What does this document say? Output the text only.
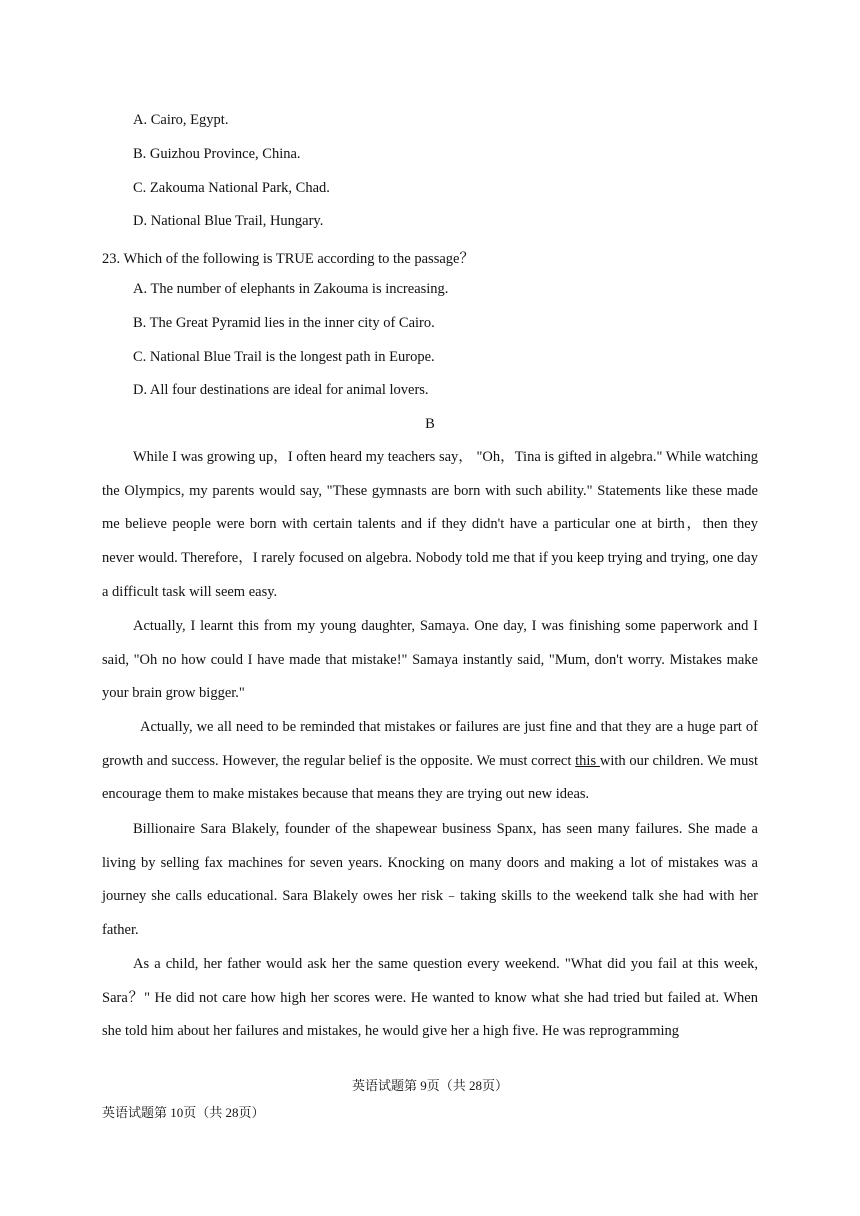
A. Cairo, Egypt.
B. Guizhou Province, China.
C. Zakouma National Park, Chad.
D. National Blue Trail, Hungary.
23. Which of the following is TRUE according to the passage？
A. The number of elephants in Zakouma is increasing.
B. The Great Pyramid lies in the inner city of Cairo.
C. National Blue Trail is the longest path in Europe.
D. All four destinations are ideal for animal lovers.
B
While I was growing up，I often heard my teachers say， "Oh，Tina is gifted in algebra." While watching the Olympics, my parents would say, "These gymnasts are born with such ability." Statements like these made me believe people were born with certain talents and if they didn't have a particular one at birth，then they never would. Therefore，I rarely focused on algebra. Nobody told me that if you keep trying and trying, one day a difficult task will seem easy.
Actually, I learnt this from my young daughter, Samaya. One day, I was finishing some paperwork and I said, "Oh no how could I have made that mistake!" Samaya instantly said, "Mum, don't worry. Mistakes make your brain grow bigger."
Actually, we all need to be reminded that mistakes or failures are just fine and that they are a huge part of growth and success. However, the regular belief is the opposite. We must correct this with our children. We must encourage them to make mistakes because that means they are trying out new ideas.
Billionaire Sara Blakely, founder of the shapewear business Spanx, has seen many failures. She made a living by selling fax machines for seven years. Knocking on many doors and making a lot of mistakes was a journey she calls educational. Sara Blakely owes her risk﹣taking skills to the weekend talk she had with her father.
As a child, her father would ask her the same question every weekend. "What did you fail at this week, Sara？" He did not care how high her scores were. He wanted to know what she had tried but failed at. When she told him about her failures and mistakes, he would give her a high five. He was reprogramming
英语试题第 9页（共 28页）
英语试题第 10页（共 28页）
